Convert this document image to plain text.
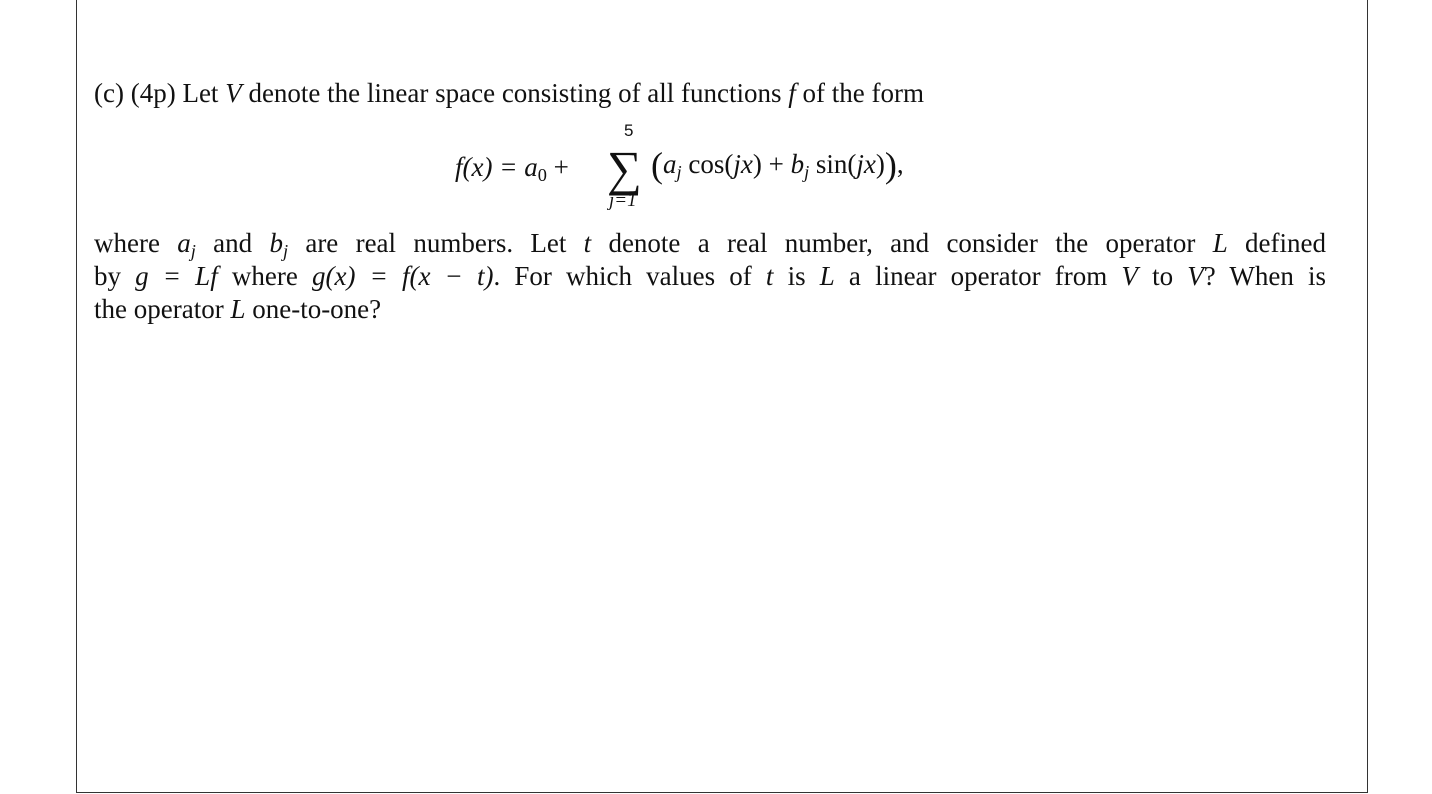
(c) (4p) Let V denote the linear space consisting of all functions f of the form
$f(x) = a_0$ +
5
∑
j=1
($a_j$ $\cos(jx) + b_j$ sin(jx)),
where $a_j$ and $b_j$ are real numbers. Let t denote a real number, and consider the operator L defined
by g = Lf where g(x) = f(x − t). For which values of t is L a linear operator from V to V? When is
the operator L one-to-one?
